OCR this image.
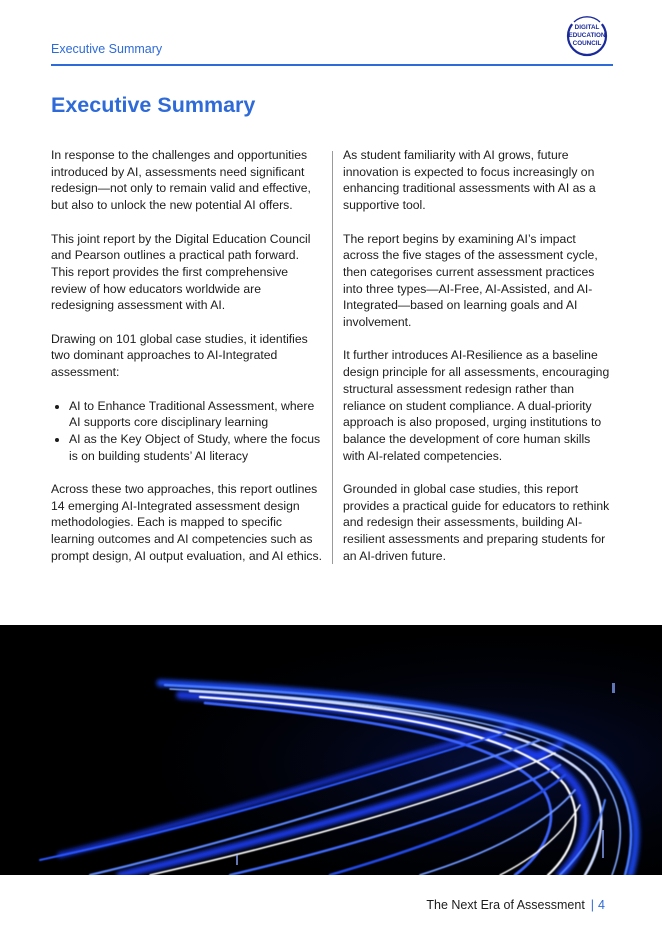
Executive Summary
DIGITAL
EDUCATION
COUNCIL
Executive Summary

In response to the challenges and opportunities introduced by AI, assessments need significant redesign—not only to remain valid and effective, but also to unlock the new potential AI offers.

This joint report by the Digital Education Council and Pearson outlines a practical path forward. This report provides the first comprehensive review of how educators worldwide are redesigning assessment with AI.

Drawing on 101 global case studies, it identifies two dominant approaches to AI-Integrated assessment:

• AI to Enhance Traditional Assessment, where AI supports core disciplinary learning
• AI as the Key Object of Study, where the focus is on building students’ AI literacy

Across these two approaches, this report outlines 14 emerging AI-Integrated assessment design methodologies. Each is mapped to specific learning outcomes and AI competencies such as prompt design, AI output evaluation, and AI ethics.

As student familiarity with AI grows, future innovation is expected to focus increasingly on enhancing traditional assessments with AI as a supportive tool.

The report begins by examining AI’s impact across the five stages of the assessment cycle, then categorises current assessment practices into three types—AI-Free, AI-Assisted, and AI-Integrated—based on learning goals and AI involvement.

It further introduces AI-Resilience as a baseline design principle for all assessments, encouraging structural assessment redesign rather than reliance on student compliance. A dual-priority approach is also proposed, urging institutions to balance the development of core human skills with AI-related competencies.

Grounded in global case studies, this report provides a practical guide for educators to rethink and redesign their assessments, building AI-resilient assessments and preparing students for an AI-driven future.

The Next Era of Assessment | 4
